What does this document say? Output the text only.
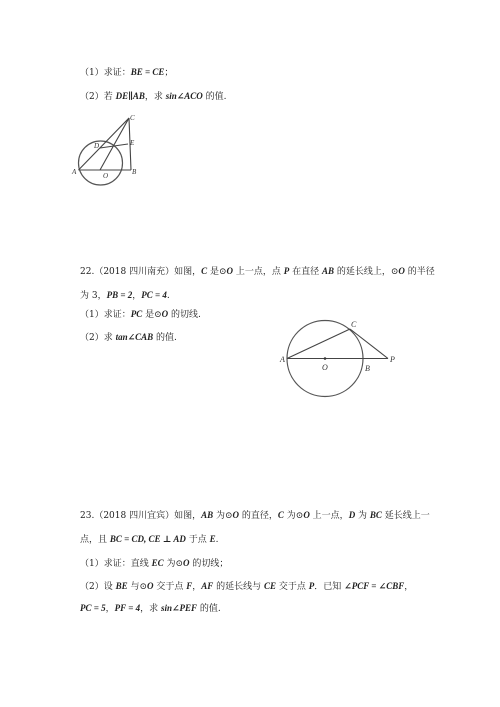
（1）求证：BE = CE；
（2）若 DE∥AB，求 sin∠ACO 的值.
A	B
C
D	E
O
22.（2018 四川南充）如图，C 是⊙O 上一点，点 P 在直径 AB 的延长线上，⊙O 的半径
为 3，PB = 2，PC = 4.
（1）求证：PC 是⊙O 的切线.
（2）求 tan∠CAB 的值.
A
B
C
O
P
23.（2018 四川宜宾）如图，AB 为⊙O 的直径，C 为⊙O 上一点，D 为 BC 延长线上一
点，且 BC = CD, CE ⊥ AD 于点 E.
（1）求证：直线 EC 为⊙O 的切线；
（2）设 BE 与⊙O 交于点 F，AF 的延长线与 CE 交于点 P．已知 ∠PCF = ∠CBF，
PC = 5，PF = 4，求 sin∠PEF 的值.
